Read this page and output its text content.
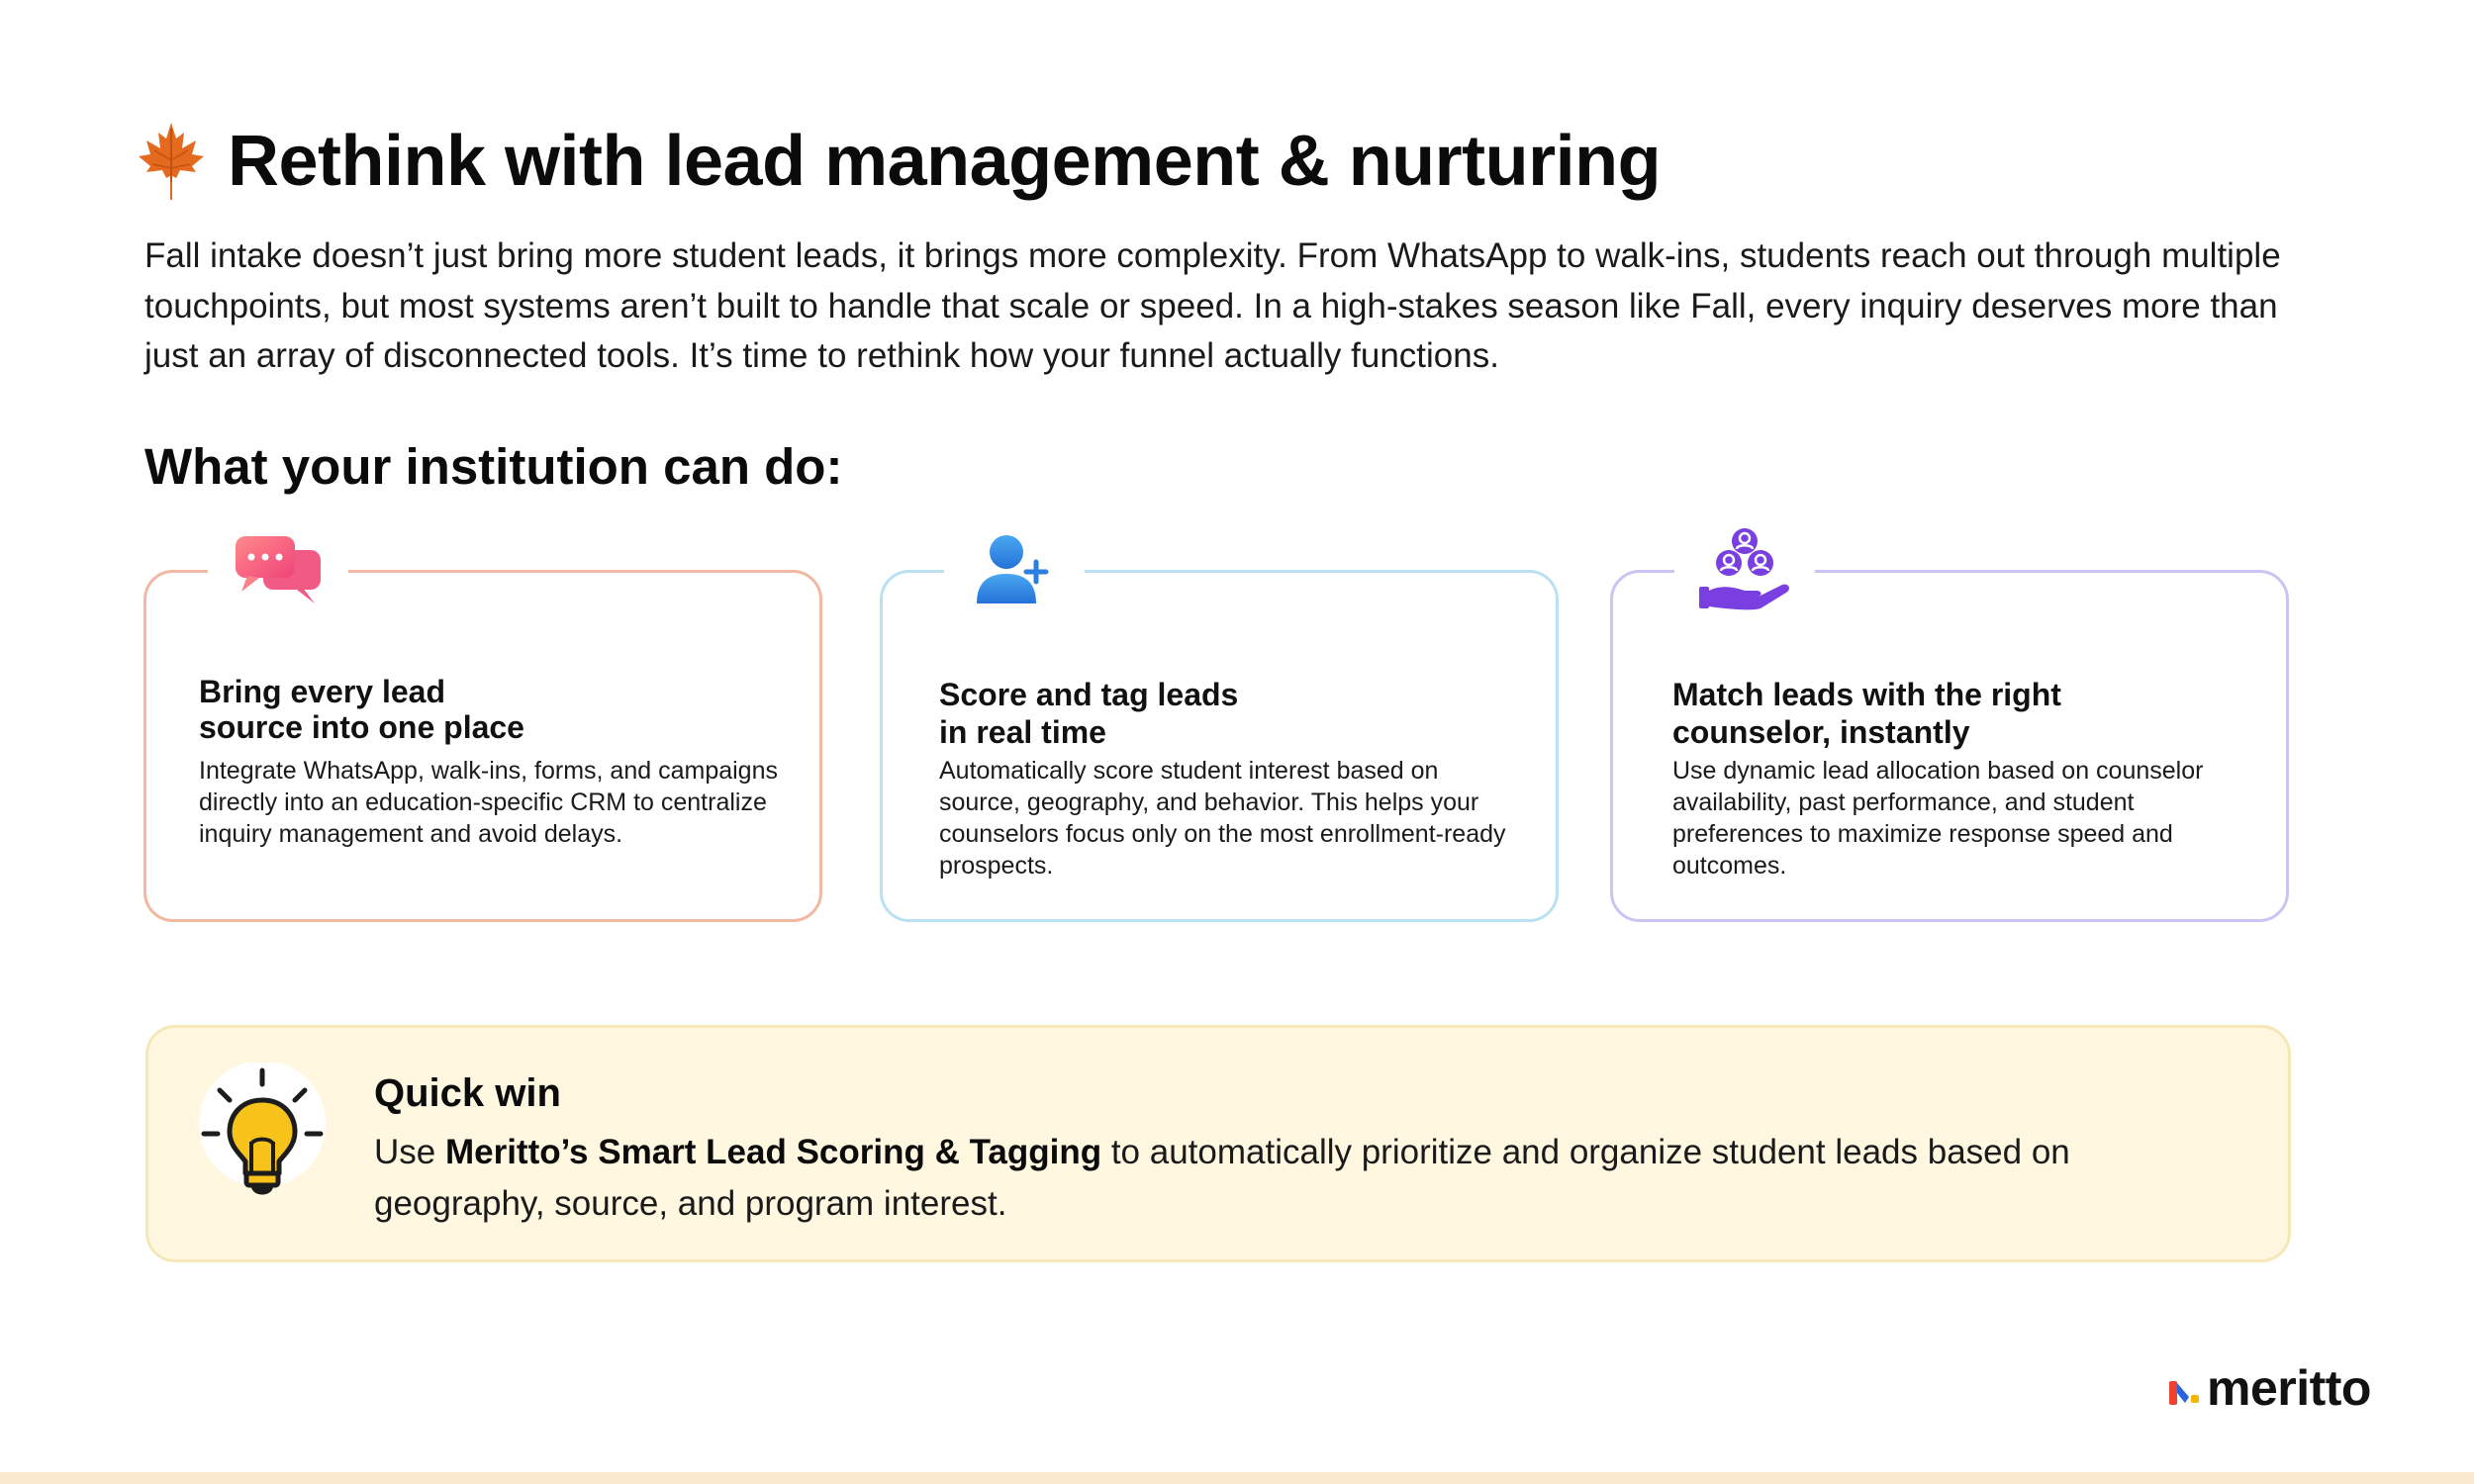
Rethink with lead management & nurturing

Fall intake doesn’t just bring more student leads, it brings more complexity. From WhatsApp to walk-ins, students reach out through multiple touchpoints, but most systems aren’t built to handle that scale or speed. In a high-stakes season like Fall, every inquiry deserves more than just an array of disconnected tools. It’s time to rethink how your funnel actually functions.

What your institution can do:

Bring every lead
source into one place

Integrate WhatsApp, walk-ins, forms, and campaigns directly into an education-specific CRM to centralize inquiry management and avoid delays.

Score and tag leads
in real time

Automatically score student interest based on source, geography, and behavior. This helps your counselors focus only on the most enrollment-ready prospects.

Match leads with the right
counselor, instantly

Use dynamic lead allocation based on counselor availability, past performance, and student preferences to maximize response speed and outcomes.

Quick win

Use Meritto’s Smart Lead Scoring & Tagging to automatically prioritize and organize student leads based on geography, source, and program interest.

meritto
